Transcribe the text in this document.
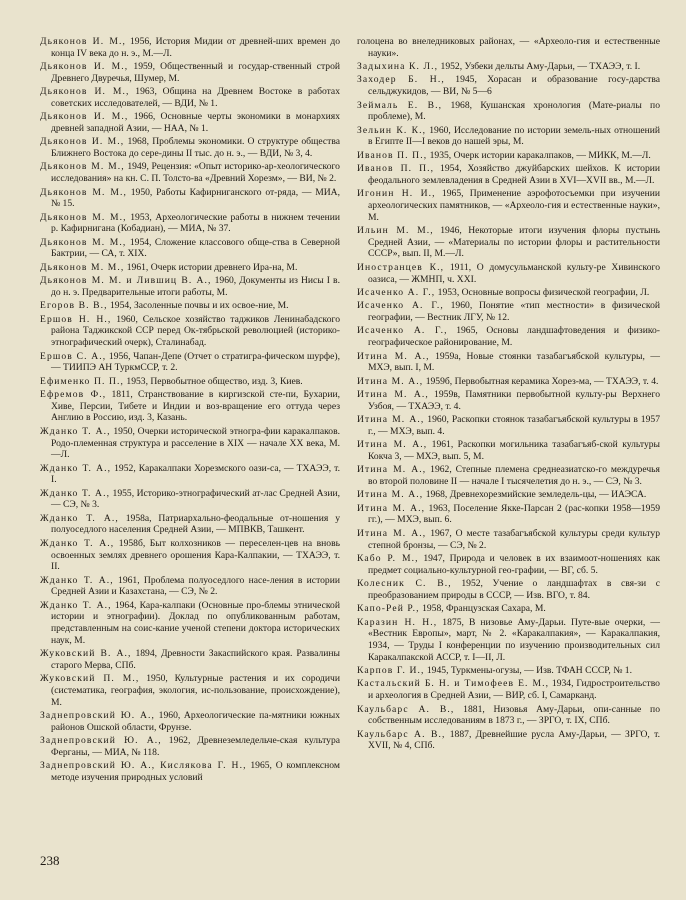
Дьяконов И. М., 1956, История Мидии от древней-ших времен до конца IV века до н. э., М.—Л.
Дьяконов И. М., 1959, Общественный и государ-ственный строй Древнего Двуречья, Шумер, М.
Дьяконов И. М., 1963, Община на Древнем Востоке в работах советских исследователей, — ВДИ, № 1.
Дьяконов И. М., 1966, Основные черты экономики в монархиях древней западной Азии, — НАА, № 1.
Дьяконов И. М., 1968, Проблемы экономики. О структуре общества Ближнего Востока до сере-дины II тыс. до н. э., — ВДИ, № 3, 4.
Дьяконов М. М., 1949, Рецензия: «Опыт историко-ар-хеологического исследования» на кн. С. П. Толсто-ва «Древний Хорезм», — ВИ, № 2.
Дьяконов М. М., 1950, Работы Кафирниганского от-ряда, — МИА, № 15.
Дьяконов М. М., 1953, Археологические работы в нижнем течении р. Кафирнигана (Кобадиан), — МИА, № 37.
Дьяконов М. М., 1954, Сложение классового обще-ства в Северной Бактрии, — СА, т. XIX.
Дьяконов М. М., 1961, Очерк истории древнего Ира-на, М.
Дьяконов М. М. и Лившиц В. А., 1960, Документы из Нисы I в. до н. э. Предварительные итоги работы, М.
Егоров В. В., 1954, Засоленные почвы и их освое-ние, М.
Ершов Н. Н., 1960, Сельское хозяйство таджиков Ленинабадского района Таджикской ССР перед Ок-тябрьской революцией (историко-этнографический очерк), Сталинабад.
Ершов С. А., 1956, Чапан-Депе (Отчет о стратигра-фическом шурфе), — ТИИПЭ АН ТуркмССР, т. 2.
Ефименко П. П., 1953, Первобытное общество, изд. 3, Киев.
Ефремов Ф., 1811, Странствование в киргизской сте-пи, Бухарии, Хиве, Персии, Тибете и Индии и воз-вращение его оттуда через Англию в Россию, изд. 3, Казань.
Жданко Т. А., 1950, Очерки исторической этногра-фии каракалпаков. Родо-племенная структура и расселение в XIX — начале XX века, М.—Л.
Жданко Т. А., 1952, Каракалпаки Хорезмского оази-са, — ТХАЭЭ, т. I.
Жданко Т. А., 1955, Историко-этнографический ат-лас Средней Азии, — СЭ, № 3.
Жданко Т. А., 1958а, Патриархально-феодальные от-ношения у полуоседлого населения Средней Азии, — МПВКВ, Ташкент.
Жданко Т. А., 1958б, Быт колхозников — переселен-цев на вновь освоенных землях древнего орошения Кара-Калпакии, — ТХАЭЭ, т. II.
Жданко Т. А., 1961, Проблема полуоседлого насе-ления в истории Средней Азии и Казахстана, — СЭ, № 2.
Жданко Т. А., 1964, Кара-калпаки (Основные про-блемы этнической истории и этнографии). Доклад по опубликованным работам, представленным на соис-кание ученой степени доктора исторических наук, М.
Жуковский В. А., 1894, Древности Закаспийского края. Развалины старого Мерва, СПб.
Жуковский П. М., 1950, Культурные растения и их сородичи (систематика, география, экология, ис-пользование, происхождение), М.
Заднепровский Ю. А., 1960, Археологические па-мятники южных районов Ошской области, Фрунзе.
Заднепровский Ю. А., 1962, Древнеземледельче-ская культура Ферганы, — МИА, № 118.
Заднепровский Ю. А., Кислякова Г. Н., 1965, О комплексном методе изучения природных условий
голоцена во внеледниковых районах, — «Археоло-гия и естественные науки».
Задыхина К. Л., 1952, Узбеки дельты Аму-Дарьи, — ТХАЭЭ, т. I.
Заходер Б. Н., 1945, Хорасан и образование госу-дарства сельджукидов, — ВИ, № 5—6
Зеймаль Е. В., 1968, Кушанская хронология (Мате-риалы по проблеме), М.
Зельин К. К., 1960, Исследование по истории земель-ных отношений в Египте II—I веков до нашей эры, М.
Иванов П. П., 1935, Очерк истории каракалпаков, — МИКК, М.—Л.
Иванов П. П., 1954, Хозяйство джуйбарских шейхов. К истории феодального землевладения в Средней Азии в XVI—XVII вв., М.—Л.
Игонин Н. И., 1965, Применение аэрофотосъемки при изучении археологических памятников, — «Археоло-гия и естественные науки», М.
Ильин М. М., 1946, Некоторые итоги изучения флоры пустынь Средней Азии, — «Материалы по истории флоры и растительности СССР», вып. II, М.—Л.
Иностранцев К., 1911, О домусульманской культу-ре Хивинского оазиса, — ЖМНП, ч. XXI.
Исаченко А. Г., 1953, Основные вопросы физической географии, Л.
Исаченко А. Г., 1960, Понятие «тип местности» в физической географии, — Вестник ЛГУ, № 12.
Исаченко А. Г., 1965, Основы ландшафтоведения и физико-географическое районирование, М.
Итина М. А., 1959а, Новые стоянки тазабагъябской культуры, — МХЭ, вып. I, М.
Итина М. А., 1959б, Первобытная керамика Хорез-ма, — ТХАЭЭ, т. 4.
Итина М. А., 1959в, Памятники первобытной культу-ры Верхнего Узбоя, — ТХАЭЭ, т. 4.
Итина М. А., 1960, Раскопки стоянок тазабагъябской культуры в 1957 г., — МХЭ, вып. 4.
Итина М. А., 1961, Раскопки могильника тазабагъяб-ской культуры Кокча 3, — МХЭ, вып. 5, М.
Итина М. А., 1962, Степные племена среднеазиатско-го междуречья во второй половине II — начале I тысячелетия до н. э., — СЭ, № 3.
Итина М. А., 1968, Древнехорезмийские земледель-цы, — ИАЭСА.
Итина М. А., 1963, Поселение Якке-Парсан 2 (рас-копки 1958—1959 гг.), — МХЭ, вып. 6.
Итина М. А., 1967, О месте тазабагъябской культуры среди культур степной бронзы, — СЭ, № 2.
Кабо Р. М., 1947, Природа и человек в их взаимоот-ношениях как предмет социально-культурной гео-графии, — ВГ, сб. 5.
Колесник С. В., 1952, Учение о ландшафтах в свя-зи с преобразованием природы в СССР, — Изв. ВГО, т. 84.
Капо-Рей Р., 1958, Французская Сахара, М.
Каразин Н. Н., 1875, В низовье Аму-Дарьи. Путе-вые очерки, — «Вестник Европы», март, № 2. «Каракалпакия», — Каракалпакия, 1934, — Труды I конференции по изучению производительных сил Каракалпакской АССР, т. I—II, Л.
Карпов Г. И., 1945, Туркмены-огузы, — Изв. ТФАН СССР, № 1.
Кастальский Б. Н. и Тимофеев Е. М., 1934, Гидростроительство и археология в Средней Азии, — ВИР, сб. I, Самарканд.
Каульбарс А. В., 1881, Низовья Аму-Дарьи, опи-санные по собственным исследованиям в 1873 г., — ЗРГО, т. IX, СПб.
Каульбарс А. В., 1887, Древнейшие русла Аму-Дарьи, — ЗРГО, т. XVII, № 4, СПб.
238
